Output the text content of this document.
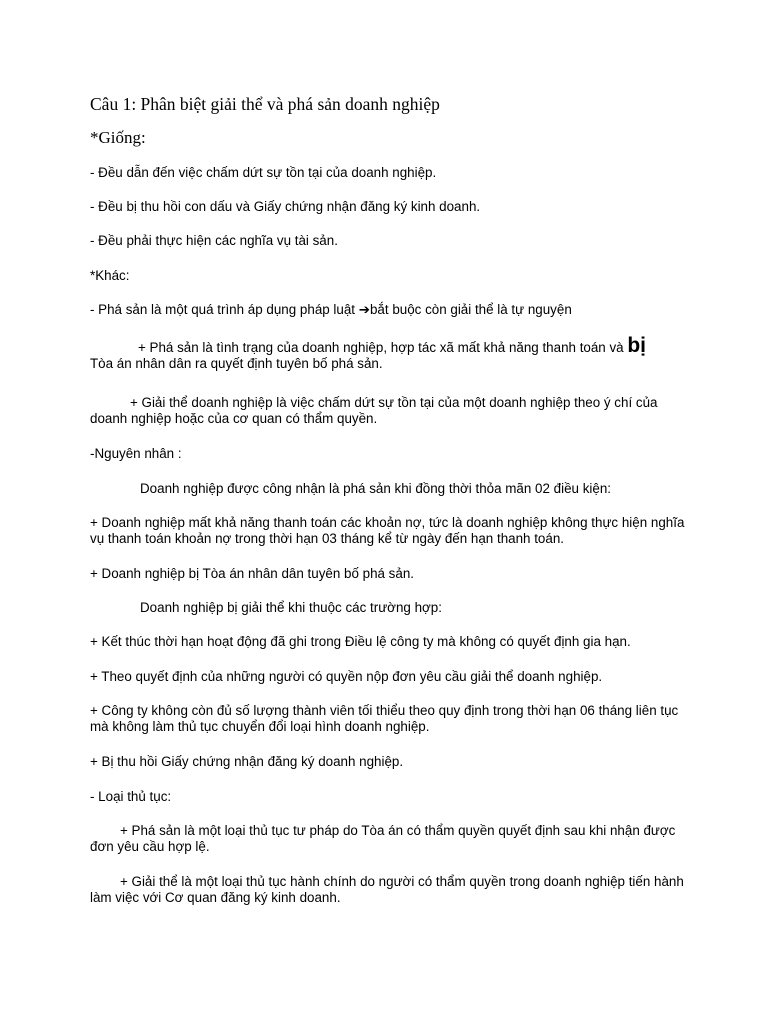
Câu 1: Phân biệt giải thể và phá sản doanh nghiệp

*Giống:

- Đều dẫn đến việc chấm dứt sự tồn tại của doanh nghiệp.

- Đều bị thu hồi con dấu và Giấy chứng nhận đăng ký kinh doanh.

- Đều phải thực hiện các nghĩa vụ tài sản.

*Khác:

- Phá sản là một quá trình áp dụng pháp luật ➔bắt buộc còn giải thể là tự nguyện

+ Phá sản là tình trạng của doanh nghiệp, hợp tác xã mất khả năng thanh toán và bị
Tòa án nhân dân ra quyết định tuyên bố phá sản.

+ Giải thể doanh nghiệp là việc chấm dứt sự tồn tại của một doanh nghiệp theo ý chí của doanh nghiệp hoặc của cơ quan có thẩm quyền.

-Nguyên nhân :

Doanh nghiệp được công nhận là phá sản khi đồng thời thỏa mãn 02 điều kiện:

+ Doanh nghiệp mất khả năng thanh toán các khoản nợ, tức là doanh nghiệp không thực hiện nghĩa vụ thanh toán khoản nợ trong thời hạn 03 tháng kể từ ngày đến hạn thanh toán.

+ Doanh nghiệp bị Tòa án nhân dân tuyên bố phá sản.

Doanh nghiệp bị giải thể khi thuộc các trường hợp:

+ Kết thúc thời hạn hoạt động đã ghi trong Điều lệ công ty mà không có quyết định gia hạn.

+ Theo quyết định của những người có quyền nộp đơn yêu cầu giải thể doanh nghiệp.

+ Công ty không còn đủ số lượng thành viên tối thiểu theo quy định trong thời hạn 06 tháng liên tục mà không làm thủ tục chuyển đổi loại hình doanh nghiệp.

+ Bị thu hồi Giấy chứng nhận đăng ký doanh nghiệp.

- Loại thủ tục:

+ Phá sản là một loại thủ tục tư pháp do Tòa án có thẩm quyền quyết định sau khi nhận được đơn yêu cầu hợp lệ.

+ Giải thể là một loại thủ tục hành chính do người có thẩm quyền trong doanh nghiệp tiến hành làm việc với Cơ quan đăng ký kinh doanh.
